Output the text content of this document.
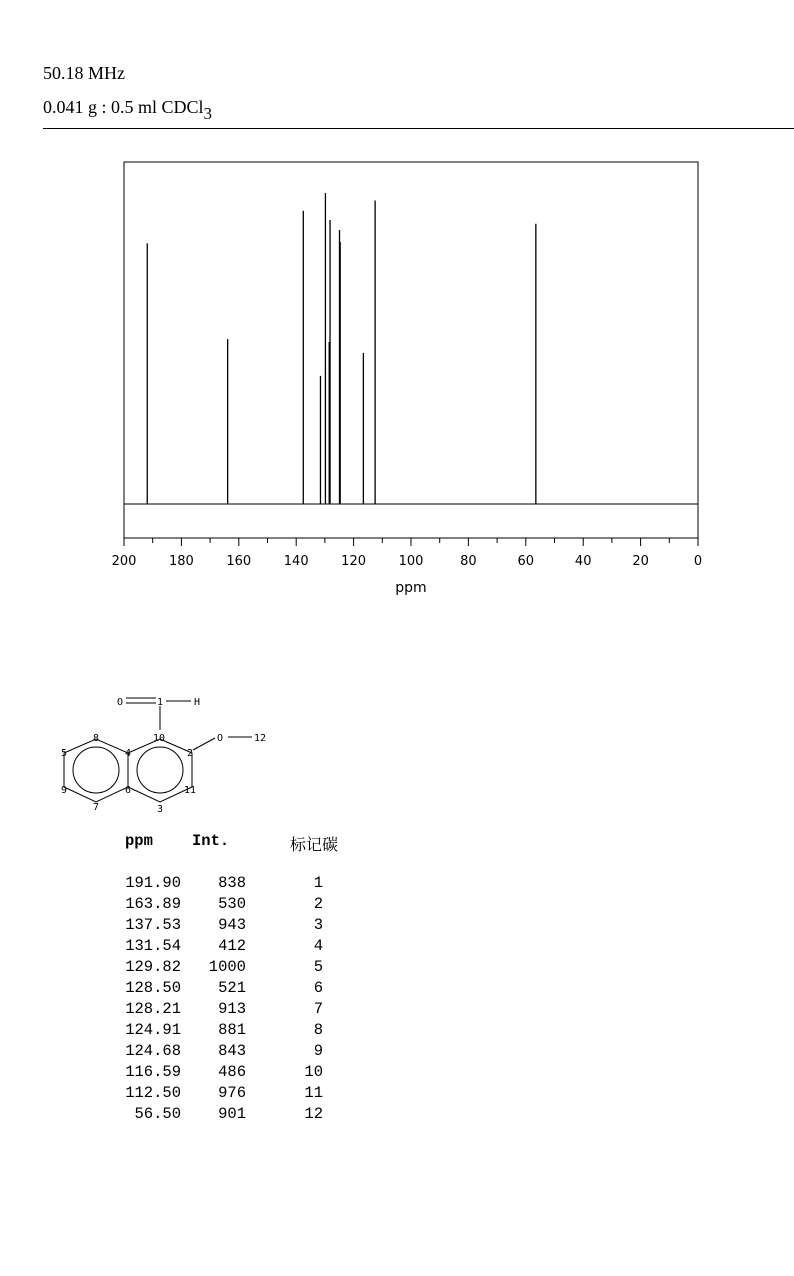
50.18 MHz
0.041 g : 0.5 ml CDCl$_3$
200	180	160	140	120	100	80	60	40	20	0
ppm
O	1	H
10	O	12
2
11
3
6
4
8
5
9
7
ppm	Int.	标记碳
191.90	838	1
163.89	530	2
137.53	943	3
131.54	412	4
129.82	1000	5
128.50	521	6
128.21	913	7
124.91	881	8
124.68	843	9
116.59	486	10
112.50	976	11
56.50	901	12
